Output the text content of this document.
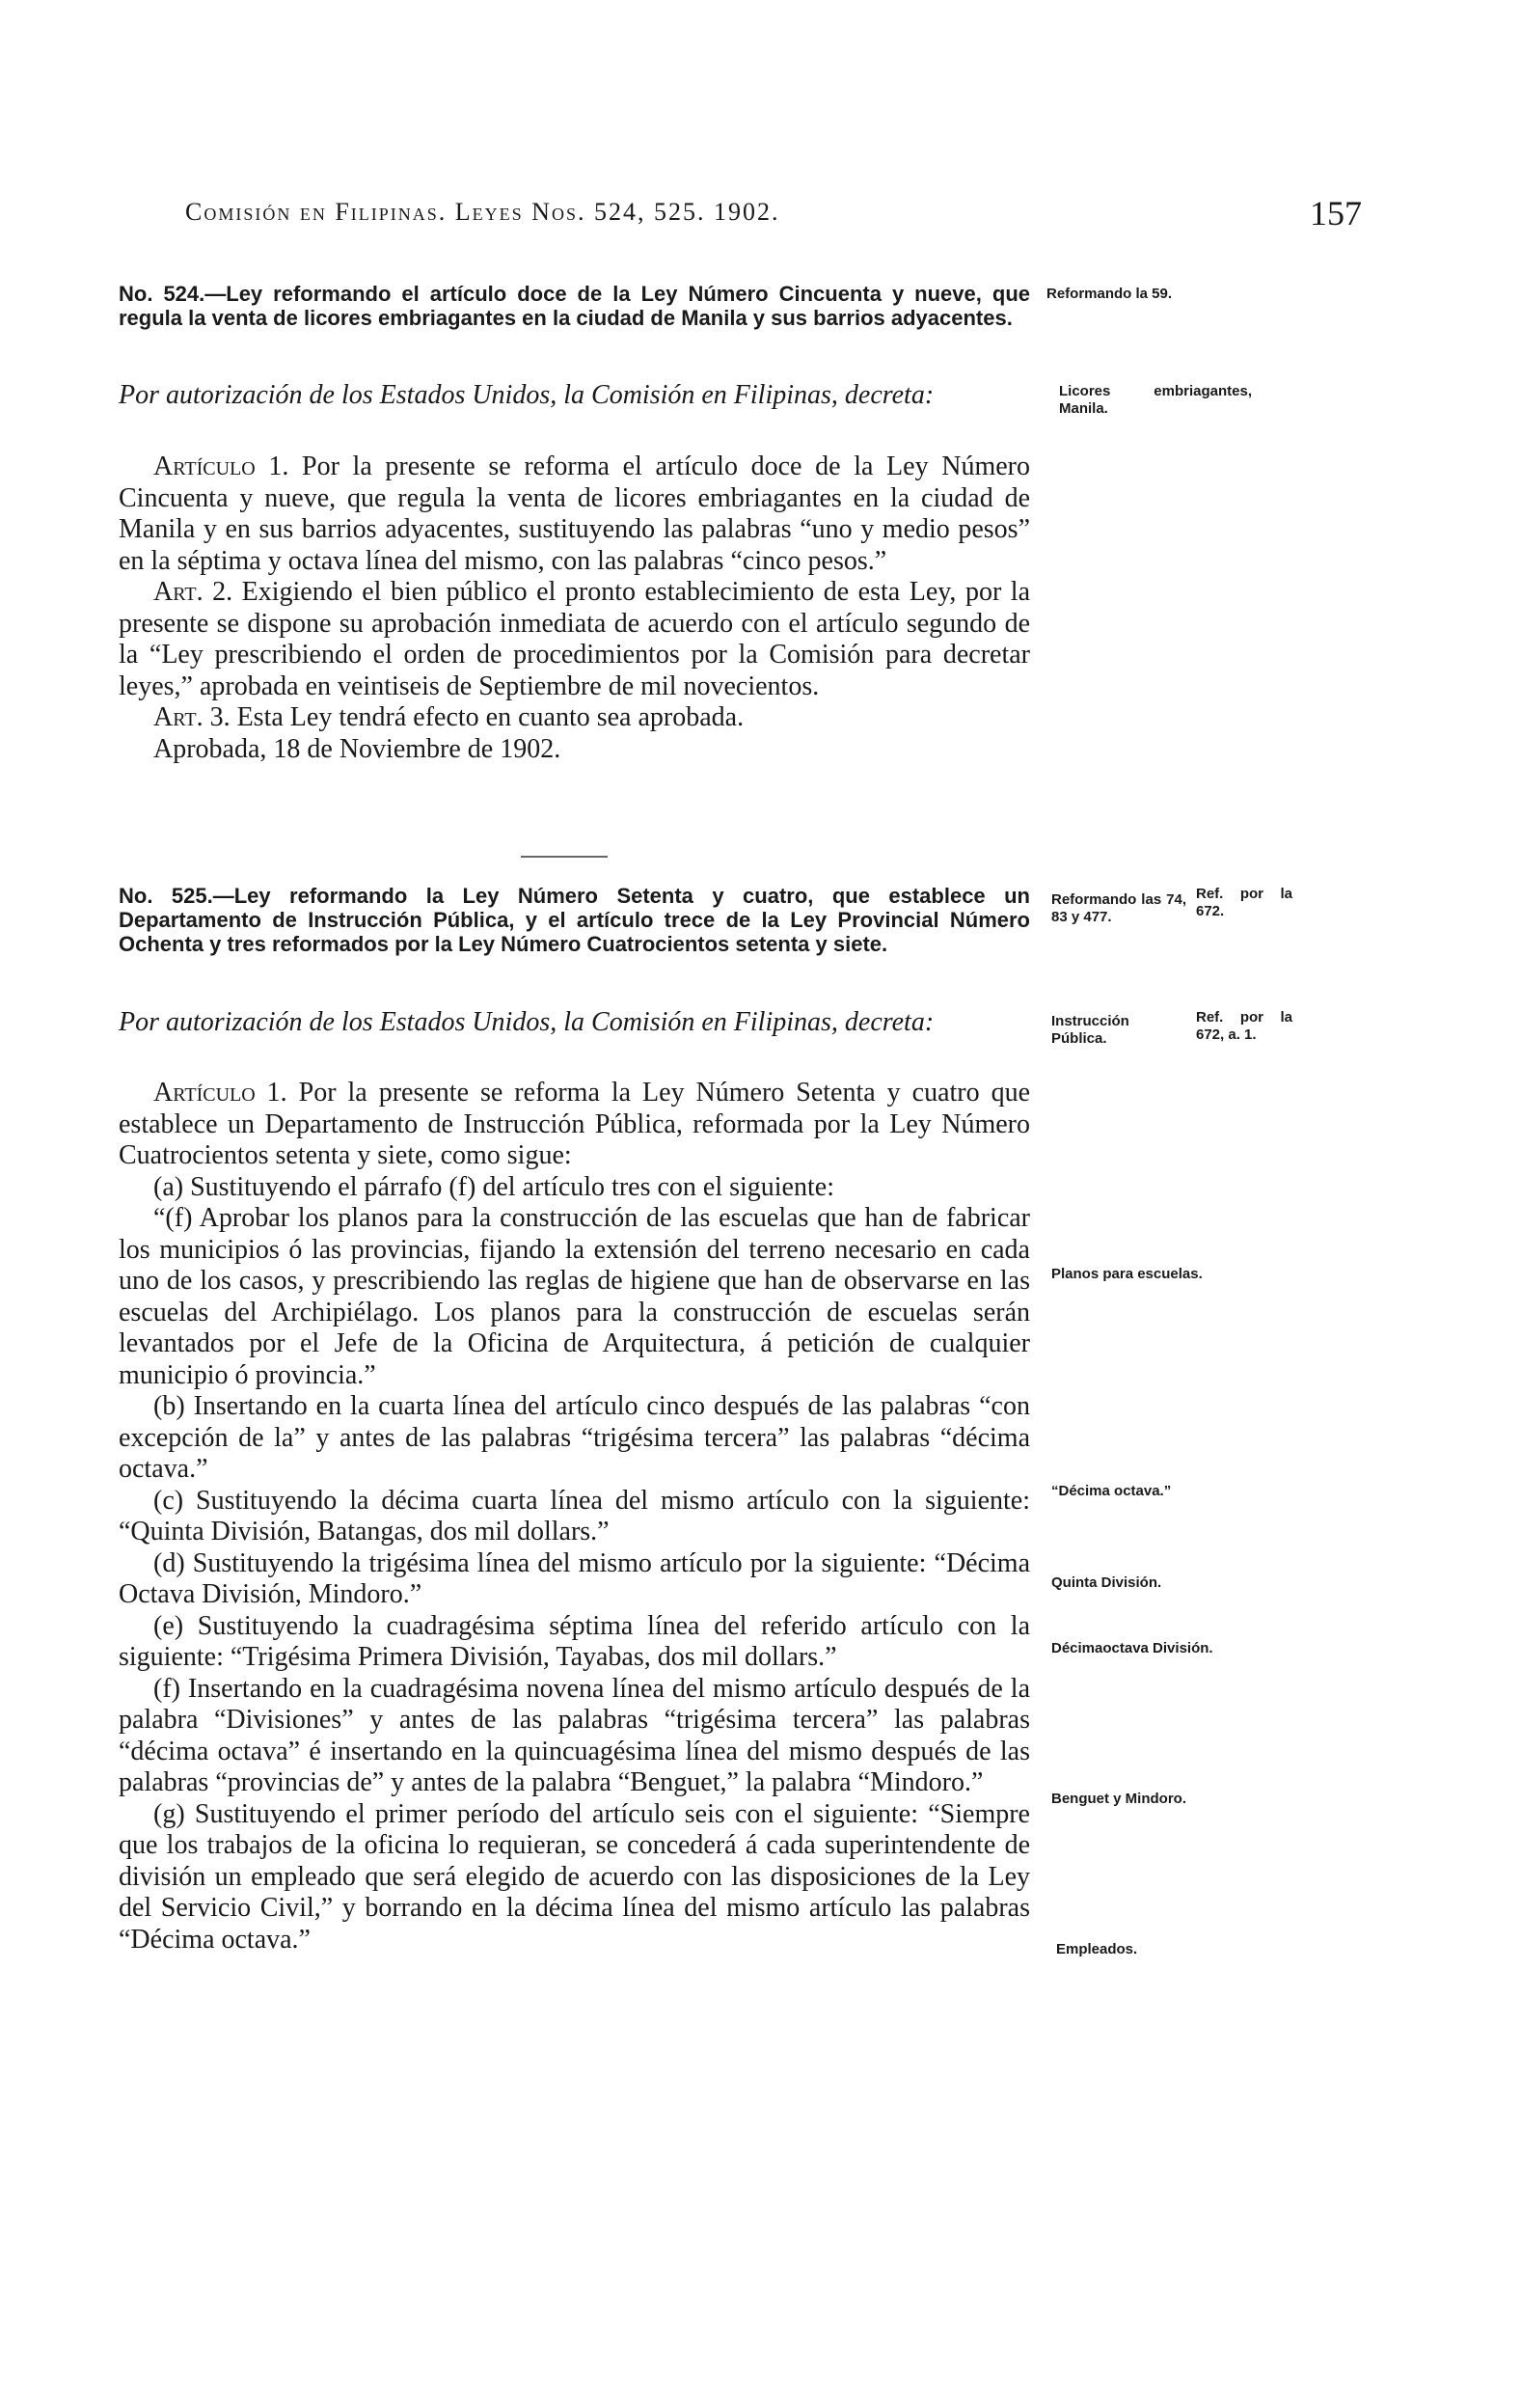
Comisión en Filipinas. Leyes Nos. 524, 525. 1902.	157
No. 524.—Ley reformando el artículo doce de la Ley Número Cincuenta y nueve, que regula la venta de licores embriagantes en la ciudad de Manila y sus barrios adyacentes.
Por autorización de los Estados Unidos, la Comisión en Filipinas, decreta:

Artículo 1. Por la presente se reforma el artículo doce de la Ley Número Cincuenta y nueve, que regula la venta de licores embriagantes en la ciudad de Manila y en sus barrios adyacentes, sustituyendo las palabras “uno y medio pesos” en la séptima y octava línea del mismo, con las palabras “cinco pesos.”

Art. 2. Exigiendo el bien público el pronto establecimiento de esta Ley, por la presente se dispone su aprobación inmediata de acuerdo con el artículo segundo de la “Ley prescribiendo el orden de procedimientos por la Comisión para decretar leyes,” aprobada en veintiseis de Septiembre de mil novecientos.

Art. 3. Esta Ley tendrá efecto en cuanto sea aprobada.

Aprobada, 18 de Noviembre de 1902.

No. 525.—Ley reformando la Ley Número Setenta y cuatro, que establece un Departamento de Instrucción Pública, y el artículo trece de la Ley Provincial Número Ochenta y tres reformados por la Ley Número Cuatrocientos setenta y siete.
Por autorización de los Estados Unidos, la Comisión en Filipinas, decreta:

Artículo 1. Por la presente se reforma la Ley Número Setenta y cuatro que establece un Departamento de Instrucción Pública, reformada por la Ley Número Cuatrocientos setenta y siete, como sigue:

(a) Sustituyendo el párrafo (f) del artículo tres con el siguiente:

“(f) Aprobar los planos para la construcción de las escuelas que han de fabricar los municipios ó las provincias, fijando la extensión del terreno necesario en cada uno de los casos, y prescribiendo las reglas de higiene que han de observarse en las escuelas del Archipiélago. Los planos para la construcción de escuelas serán levantados por el Jefe de la Oficina de Arquitectura, á petición de cualquier municipio ó provincia.”

(b) Insertando en la cuarta línea del artículo cinco después de las palabras “con excepción de la” y antes de las palabras “trigésima tercera” las palabras “décima octava.”

(c) Sustituyendo la décima cuarta línea del mismo artículo con la siguiente: “Quinta División, Batangas, dos mil dollars.”

(d) Sustituyendo la trigésima línea del mismo artículo por la siguiente: “Décima Octava División, Mindoro.”

(e) Sustituyendo la cuadragésima séptima línea del referido artículo con la siguiente: “Trigésima Primera División, Tayabas, dos mil dollars.”

(f) Insertando en la cuadragésima novena línea del mismo artículo después de la palabra “Divisiones” y antes de las palabras “trigésima tercera” las palabras “décima octava” é insertando en la quincuagésima línea del mismo después de las palabras “provincias de” y antes de la palabra “Benguet,” la palabra “Mindoro.”

(g) Sustituyendo el primer período del artículo seis con el siguiente: “Siempre que los trabajos de la oficina lo requieran, se concederá á cada superintendente de división un empleado que será elegido de acuerdo con las disposiciones de la Ley del Servicio Civil,” y borrando en la décima línea del mismo artículo las palabras “Décima octava.”

Reformando la 59.
Licores embriagantes, Manila.
Reformando las 74, 83 y 477.
Ref. por la 672.
Instrucción Pública.
Ref. por la 672, a. 1.
Planos para escuelas.
“Décima octava.”
Quinta División.
Décimaoctava División.
Benguet y Mindoro.
Empleados.
